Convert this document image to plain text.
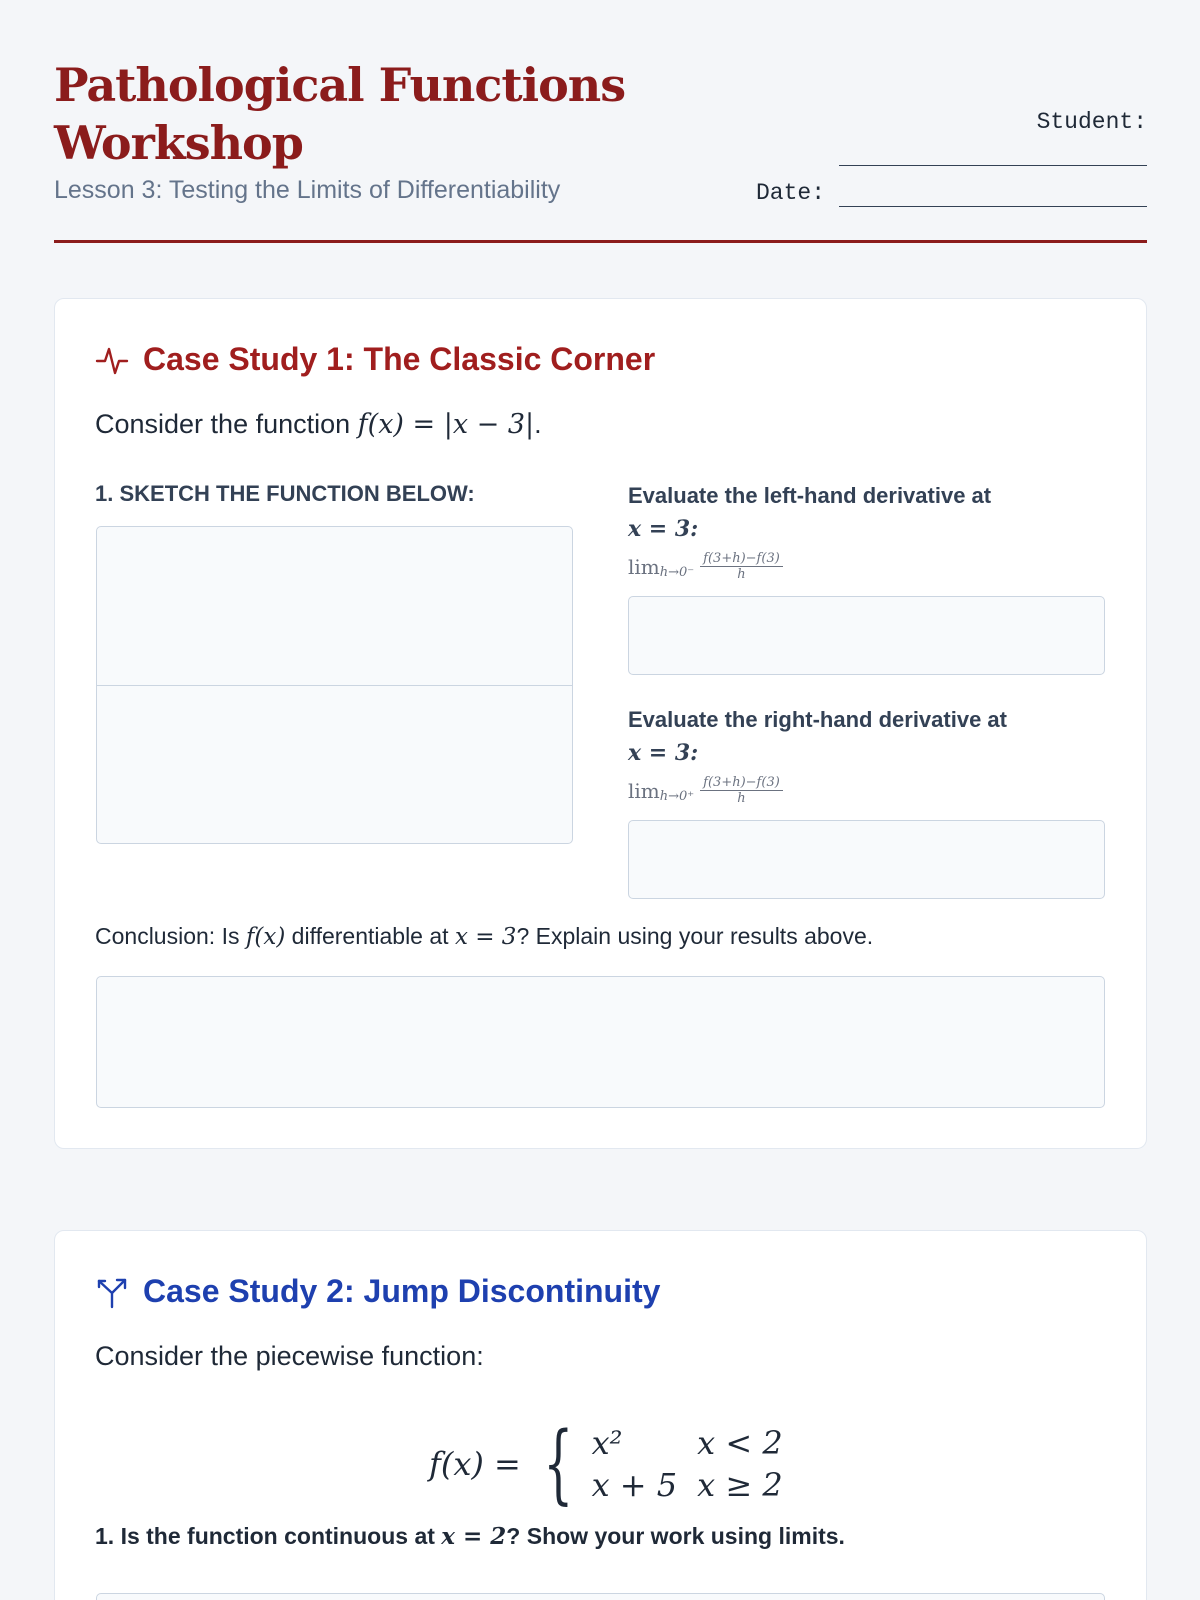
Pathological Functions Workshop
Lesson 3: Testing the Limits of Differentiability
Student:
Date:
Case Study 1: The Classic Corner
Consider the function f(x) = |x − 3|.
1. SKETCH THE FUNCTION BELOW:	Evaluate the left-hand derivative at
x = 3:
$\lim_{h\to 0^-} \frac{f(3+h)-f(3)}{h}$
Evaluate the right-hand derivative at
x = 3:
$\lim_{h\to 0^+} \frac{f(3+h)-f(3)}{h}$
Conclusion: Is f(x) differentiable at x = 3? Explain using your results above.
Case Study 2: Jump Discontinuity
Consider the piecewise function:
f(x) = { x²	x < 2
x + 5	x ≥ 2
1. Is the function continuous at x = 2? Show your work using limits.
